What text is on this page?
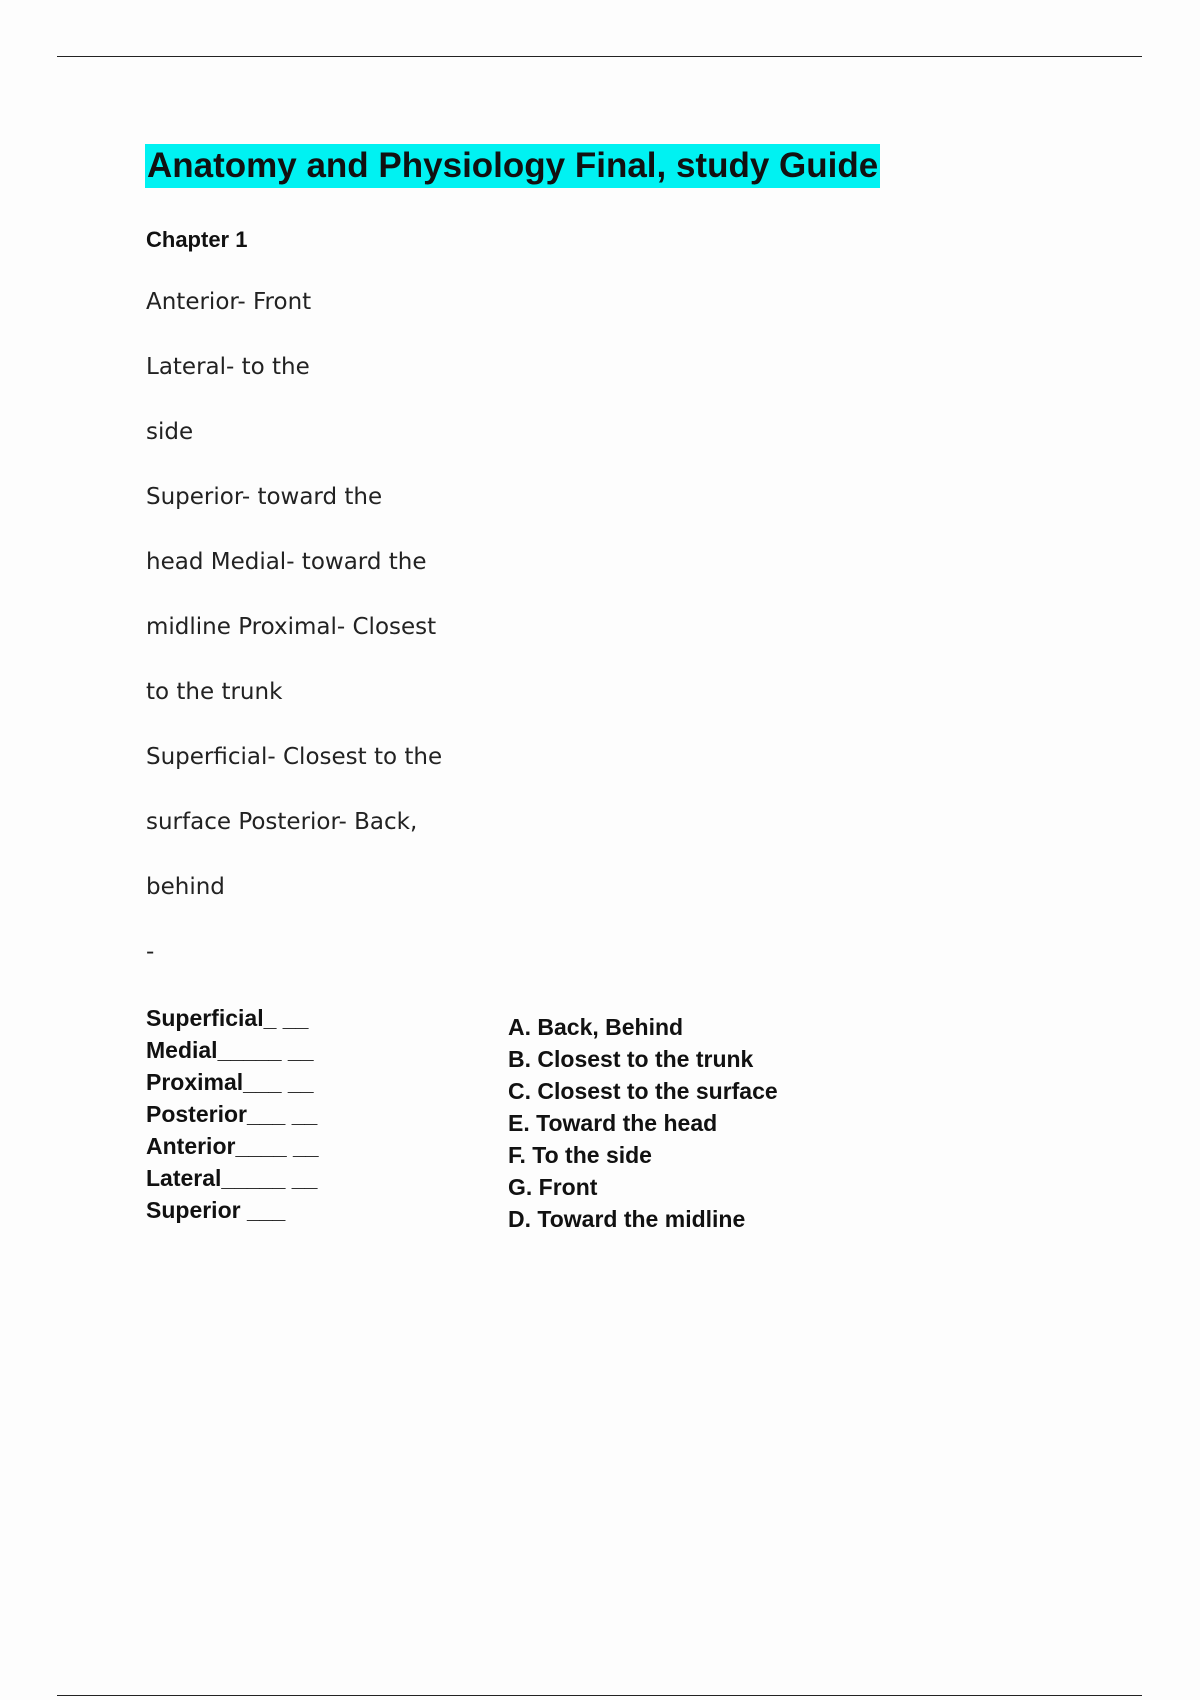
Anatomy and Physiology Final, study Guide
Chapter 1
Anterior- Front
Lateral- to the
side
Superior- toward the
head Medial- toward the
midline Proximal- Closest
to the trunk
Superficial- Closest to the
surface Posterior- Back,
behind
-
Superficial_ __
Medial_____ __
Proximal___ __
Posterior___ __
Anterior____ __
Lateral_____ __
Superior ___
A. Back, Behind
B. Closest to the trunk
C. Closest to the surface
E. Toward the head
F. To the side
G. Front
D. Toward the midline
